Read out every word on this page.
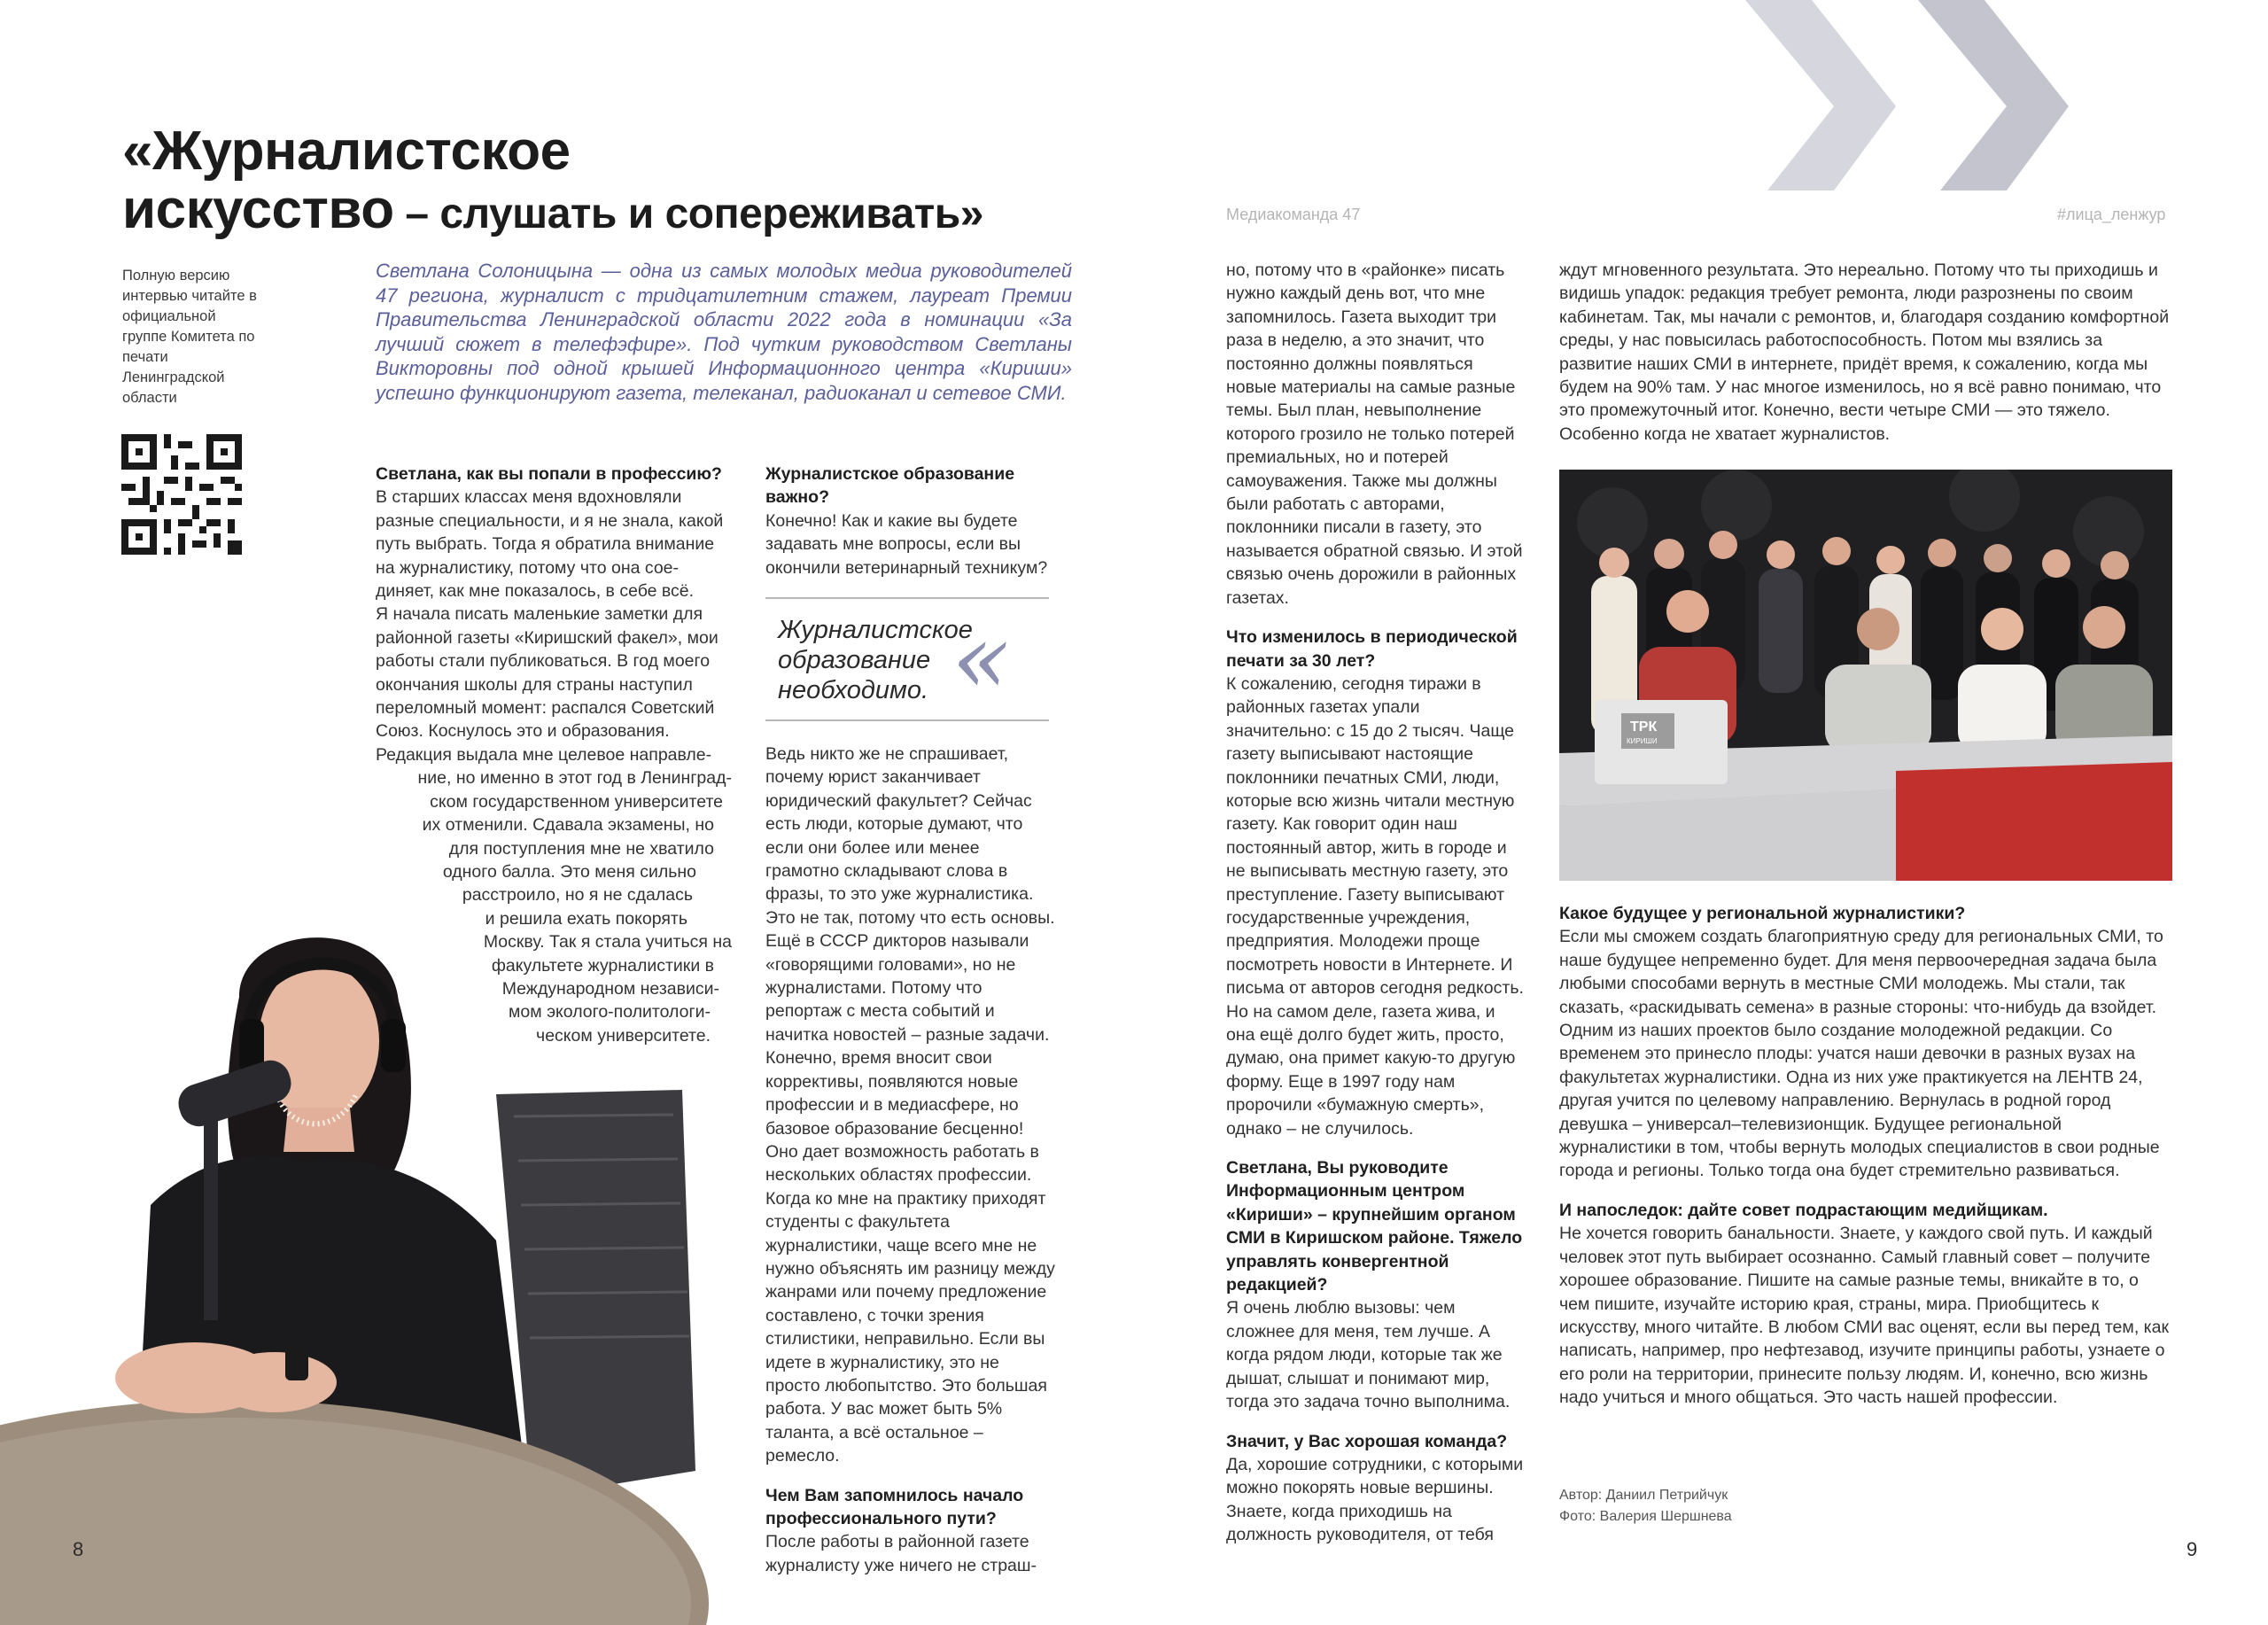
«Журналистское
искусство – слушать и сопереживать»
Полную версию интервью читайте в официальной группе Комитета по печати Ленинградской области
Светлана Солоницына — одна из самых молодых медиа руководителей 47 региона, журналист с тридцатилетним стажем, лауреат Премии Правительства Ленинградской области 2022 года в номинации «За лучший сюжет в телефэфире». Под чутким руководством Светланы Викторовны под одной крышей Информационного центра «Кириши» успешно функционируют газета, телеканал, радиоканал и сетевое СМИ.

Светлана, как вы попали в профессию?

В старших классах меня вдохновляли

разные специальности, и я не знала, какой

путь выбрать. Тогда я обратила внимание

на журналистику, потому что она сое-

диняет, как мне показалось, в себе всё.

Я начала писать маленькие заметки для

районной газеты «Киришский факел», мои

работы стали публиковаться. В год моего

окончания школы для страны наступил

переломный момент: распался Советский

Союз. Коснулось это и образования.

Редакция выдала мне целевое направле-

ние, но именно в этот год в Ленинград-

ском государственном университете

их отменили. Сдавала экзамены, но

для поступления мне не хватило

одного балла. Это меня сильно

расстроило, но я не сдалась

и решила ехать покорять

Москву. Так я стала учиться на

факультете журналистики в

Международном независи-

мом эколого-политологи-

ческом университете.

Журналистское образование важно?

Конечно! Как и какие вы будете задавать мне вопросы, если вы окончили ветеринарный техникум?

Журналистское
образование
необходимо. «

Ведь никто же не спрашивает, почему юрист заканчивает юридический факультет? Сейчас есть люди, которые думают, что если они более или менее грамотно складывают слова в фразы, то это уже журналистика. Это не так, потому что есть основы. Ещё в СССР дикторов называли «говорящими головами», но не журналистами. Потому что репортаж с места событий и начитка новостей – разные задачи. Конечно, время вносит свои коррективы, появляются новые профессии и в медиасфере, но базовое образование бесценно! Оно дает возможность работать в нескольких областях профессии. Когда ко мне на практику приходят студенты с факультета журналистики, чаще всего мне не нужно объяснять им разницу между жанрами или почему предложение составлено, с точки зрения стилистики, неправильно. Если вы идете в журналистику, это не просто любопытство. Это большая работа. У вас может быть 5% таланта, а всё остальное – ремесло.

Чем Вам запомнилось начало профессионального пути?

После работы в районной газете журналисту уже ничего не страш-

Медиакоманда 47	#лица_ленжур

но, потому что в «районке» писать нужно каждый день вот, что мне запомнилось. Газета выходит три раза в неделю, а это значит, что постоянно должны появляться новые материалы на самые разные темы. Был план, невыполнение которого грозило не только потерей премиальных, но и потерей самоуважения. Также мы должны были работать с авторами, поклонники писали в газету, это называется обратной связью. И этой связью очень дорожили в районных газетах.

Что изменилось в периодической печати за 30 лет?

К сожалению, сегодня тиражи в районных газетах упали значительно: с 15 до 2 тысяч. Чаще газету выписывают настоящие поклонники печатных СМИ, люди, которые всю жизнь читали местную газету. Как говорит один наш постоянный автор, жить в городе и не выписывать местную газету, это преступление. Газету выписывают государственные учреждения, предприятия. Молодежи проще посмотреть новости в Интернете. И письма от авторов сегодня редкость. Но на самом деле, газета жива, и она ещё долго будет жить, просто, думаю, она примет какую-то другую форму. Еще в 1997 году нам пророчили «бумажную смерть», однако – не случилось.

Светлана, Вы руководите Информационным центром «Кириши» – крупнейшим органом СМИ в Киришском районе. Тяжело управлять конвергентной редакцией?

Я очень люблю вызовы: чем сложнее для меня, тем лучше. А когда рядом люди, которые так же дышат, слышат и понимают мир, тогда это задача точно выполнима.

Значит, у Вас хорошая команда?

Да, хорошие сотрудники, с которыми можно покорять новые вершины. Знаете, когда приходишь на должность руководителя, от тебя

ждут мгновенного результата. Это нереально. Потому что ты приходишь и видишь упадок: редакция требует ремонта, люди разрознены по своим кабинетам. Так, мы начали с ремонтов, и, благодаря созданию комфортной среды, у нас повысилась работоспособность. Потом мы взялись за развитие наших СМИ в интернете, придёт время, к сожалению, когда мы будем на 90% там. У нас многое изменилось, но я всё равно понимаю, что это промежуточный итог. Конечно, вести четыре СМИ — это тяжело. Особенно когда не хватает журналистов.

ТРК
КИРИШИ

Какое будущее у региональной журналистики?

Если мы сможем создать благоприятную среду для региональных СМИ, то наше будущее непременно будет. Для меня первоочередная задача была любыми способами вернуть в местные СМИ молодежь. Мы стали, так сказать, «раскидывать семена» в разные стороны: что-нибудь да взойдет. Одним из наших проектов было создание молодежной редакции. Со временем это принесло плоды: учатся наши девочки в разных вузах на факультетах журналистики. Одна из них уже практикуется на ЛЕНТВ 24, другая учится по целевому направлению. Вернулась в родной город девушка – универсал–телевизионщик. Будущее региональной журналистики в том, чтобы вернуть молодых специалистов в свои родные города и регионы. Только тогда она будет стремительно развиваться.

И напоследок: дайте совет подрастающим медийщикам.

Не хочется говорить банальности. Знаете, у каждого свой путь. И каждый человек этот путь выбирает осознанно. Самый главный совет – получите хорошее образование. Пишите на самые разные темы, вникайте в то, о чем пишите, изучайте историю края, страны, мира. Приобщитесь к искусству, много читайте. В любом СМИ вас оценят, если вы перед тем, как написать, например, про нефтезавод, изучите принципы работы, узнаете о его роли на территории, принесите пользу людям. И, конечно, всю жизнь надо учиться и много общаться. Это часть нашей профессии.

Автор: Даниил Петрийчук
Фото: Валерия Шершнева
8	9
